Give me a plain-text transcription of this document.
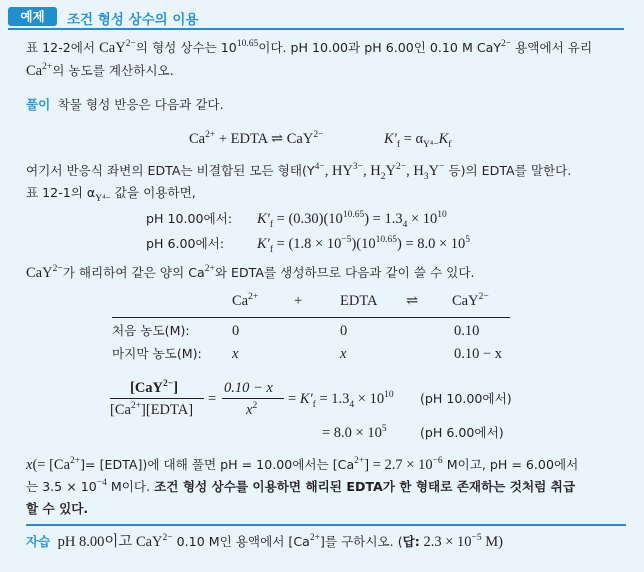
예제	조건 형성 상수의 이용
표 12-2에서 CaY$^{2-}$의 형성 상수는 $10^{10.65}$이다. pH 10.00과 pH 6.00인 0.10 M CaY$^{2-}$ 용액에서 유리
$Ca^{2+}$의 농도를 계산하시오.
풀이 착물 형성 반응은 다음과 같다.
$Ca^{2+}$ + EDTA ⇌ CaY$^{2-}$	$K'_f = \alpha_{Y^4-}K_f$
여기서 반응식 좌변의 EDTA는 비결합된 모든 형태($Y^{4-}$, $HY^{3-}$, $H_2Y^{2-}$, $H_3Y^-$ 등)의 EDTA를 말한다.
표 12-1의 $\alpha_{Y^4-}$ 값을 이용하면,
pH 10.00에서: $K'_f = (0.30)(10^{10.65}) = 1.3_4 \times 10^{10}$
pH 6.00에서: $K'_f = (1.8 \times 10^{-5})(10^{10.65}) = 8.0 \times 10^5$
CaY$^{2-}$가 해리하여 같은 양의 $Ca^{2+}$와 EDTA를 생성하므로 다음과 같이 쓸 수 있다.
$Ca^{2+}$ +	EDTA ⇌ CaY$^{2-}$
처음 농도(M):	0	0	0.10
마지막 농도(M): x	x	0.10 − x
[CaY$^{2-}$]
$[Ca^{2+}][EDTA]$
=
0.10 − x
$x^2 = K'_f = 1.3_4 \times 10^{10}$ (pH 10.00에서)
= $8.0 \times 10^5$	(pH 6.00에서)
$x(= [Ca^{2+}]=$ [EDTA])에 대해 풀면 pH = 10.00에서는 $[Ca^{2+}] = 2.7 \times 10^{-6}$ M이고, pH = 6.00에서
는 $3.5 \times 10^{-4}$ M이다. 조건 형성 상수를 이용하면 해리된 EDTA가 한 형태로 존재하는 것처럼 취급
할 수 있다.
자습 pH 8.00이고 CaY$^{2-}$ 0.10 M인 용액에서 $[Ca^{2+}]$를 구하시오. (답: $2.3 \times 10^{-5}$ M)
